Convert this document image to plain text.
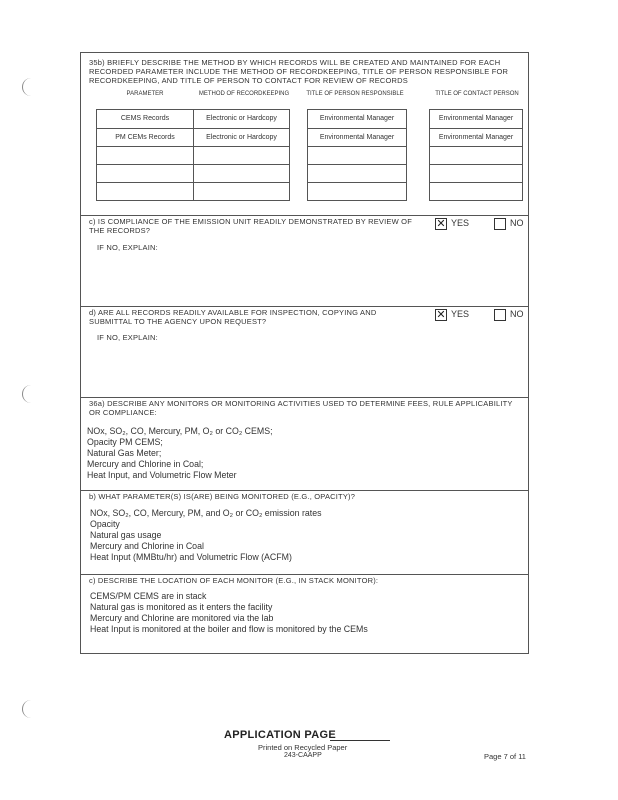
35b) BRIEFLY DESCRIBE THE METHOD BY WHICH RECORDS WILL BE CREATED AND MAINTAINED FOR EACH RECORDED PARAMETER INCLUDE THE METHOD OF RECORDKEEPING, TITLE OF PERSON RESPONSIBLE FOR RECORDKEEPING, AND TITLE OF PERSON TO CONTACT FOR REVIEW OF RECORDS
PARAMETER	METHOD OF RECORDKEEPING	TITLE OF PERSON RESPONSIBLE	TITLE OF CONTACT PERSON
CEMS Records	Electronic or Hardcopy	Environmental Manager	Environmental Manager
PM CEMs Records	Electronic or Hardcopy	Environmental Manager	Environmental Manager
c) IS COMPLIANCE OF THE EMISSION UNIT READILY DEMONSTRATED BY REVIEW OF THE RECORDS?
✕ YES	NO
IF NO, EXPLAIN:
d) ARE ALL RECORDS READILY AVAILABLE FOR INSPECTION, COPYING AND SUBMITTAL TO THE AGENCY UPON REQUEST?
✕ YES	NO
IF NO, EXPLAIN:
36a) DESCRIBE ANY MONITORS OR MONITORING ACTIVITIES USED TO DETERMINE FEES, RULE APPLICABILITY OR COMPLIANCE:
NOx, SO₂, CO, Mercury, PM, O₂ or CO₂ CEMS;
Opacity PM CEMS;
Natural Gas Meter;
Mercury and Chlorine in Coal;
Heat Input, and Volumetric Flow Meter
b) WHAT PARAMETER(S) IS(ARE) BEING MONITORED (E.G., OPACITY)?
NOx, SO₂, CO, Mercury, PM, and O₂ or CO₂ emission rates
Opacity
Natural gas usage
Mercury and Chlorine in Coal
Heat Input (MMBtu/hr) and Volumetric Flow (ACFM)
c) DESCRIBE THE LOCATION OF EACH MONITOR (E.G., IN STACK MONITOR):
CEMS/PM CEMS are in stack
Natural gas is monitored as it enters the facility
Mercury and Chlorine are monitored via the lab
Heat Input is monitored at the boiler and flow is monitored by the CEMs
APPLICATION PAGE
Printed on Recycled Paper
243-CAAPP	Page 7 of 11
